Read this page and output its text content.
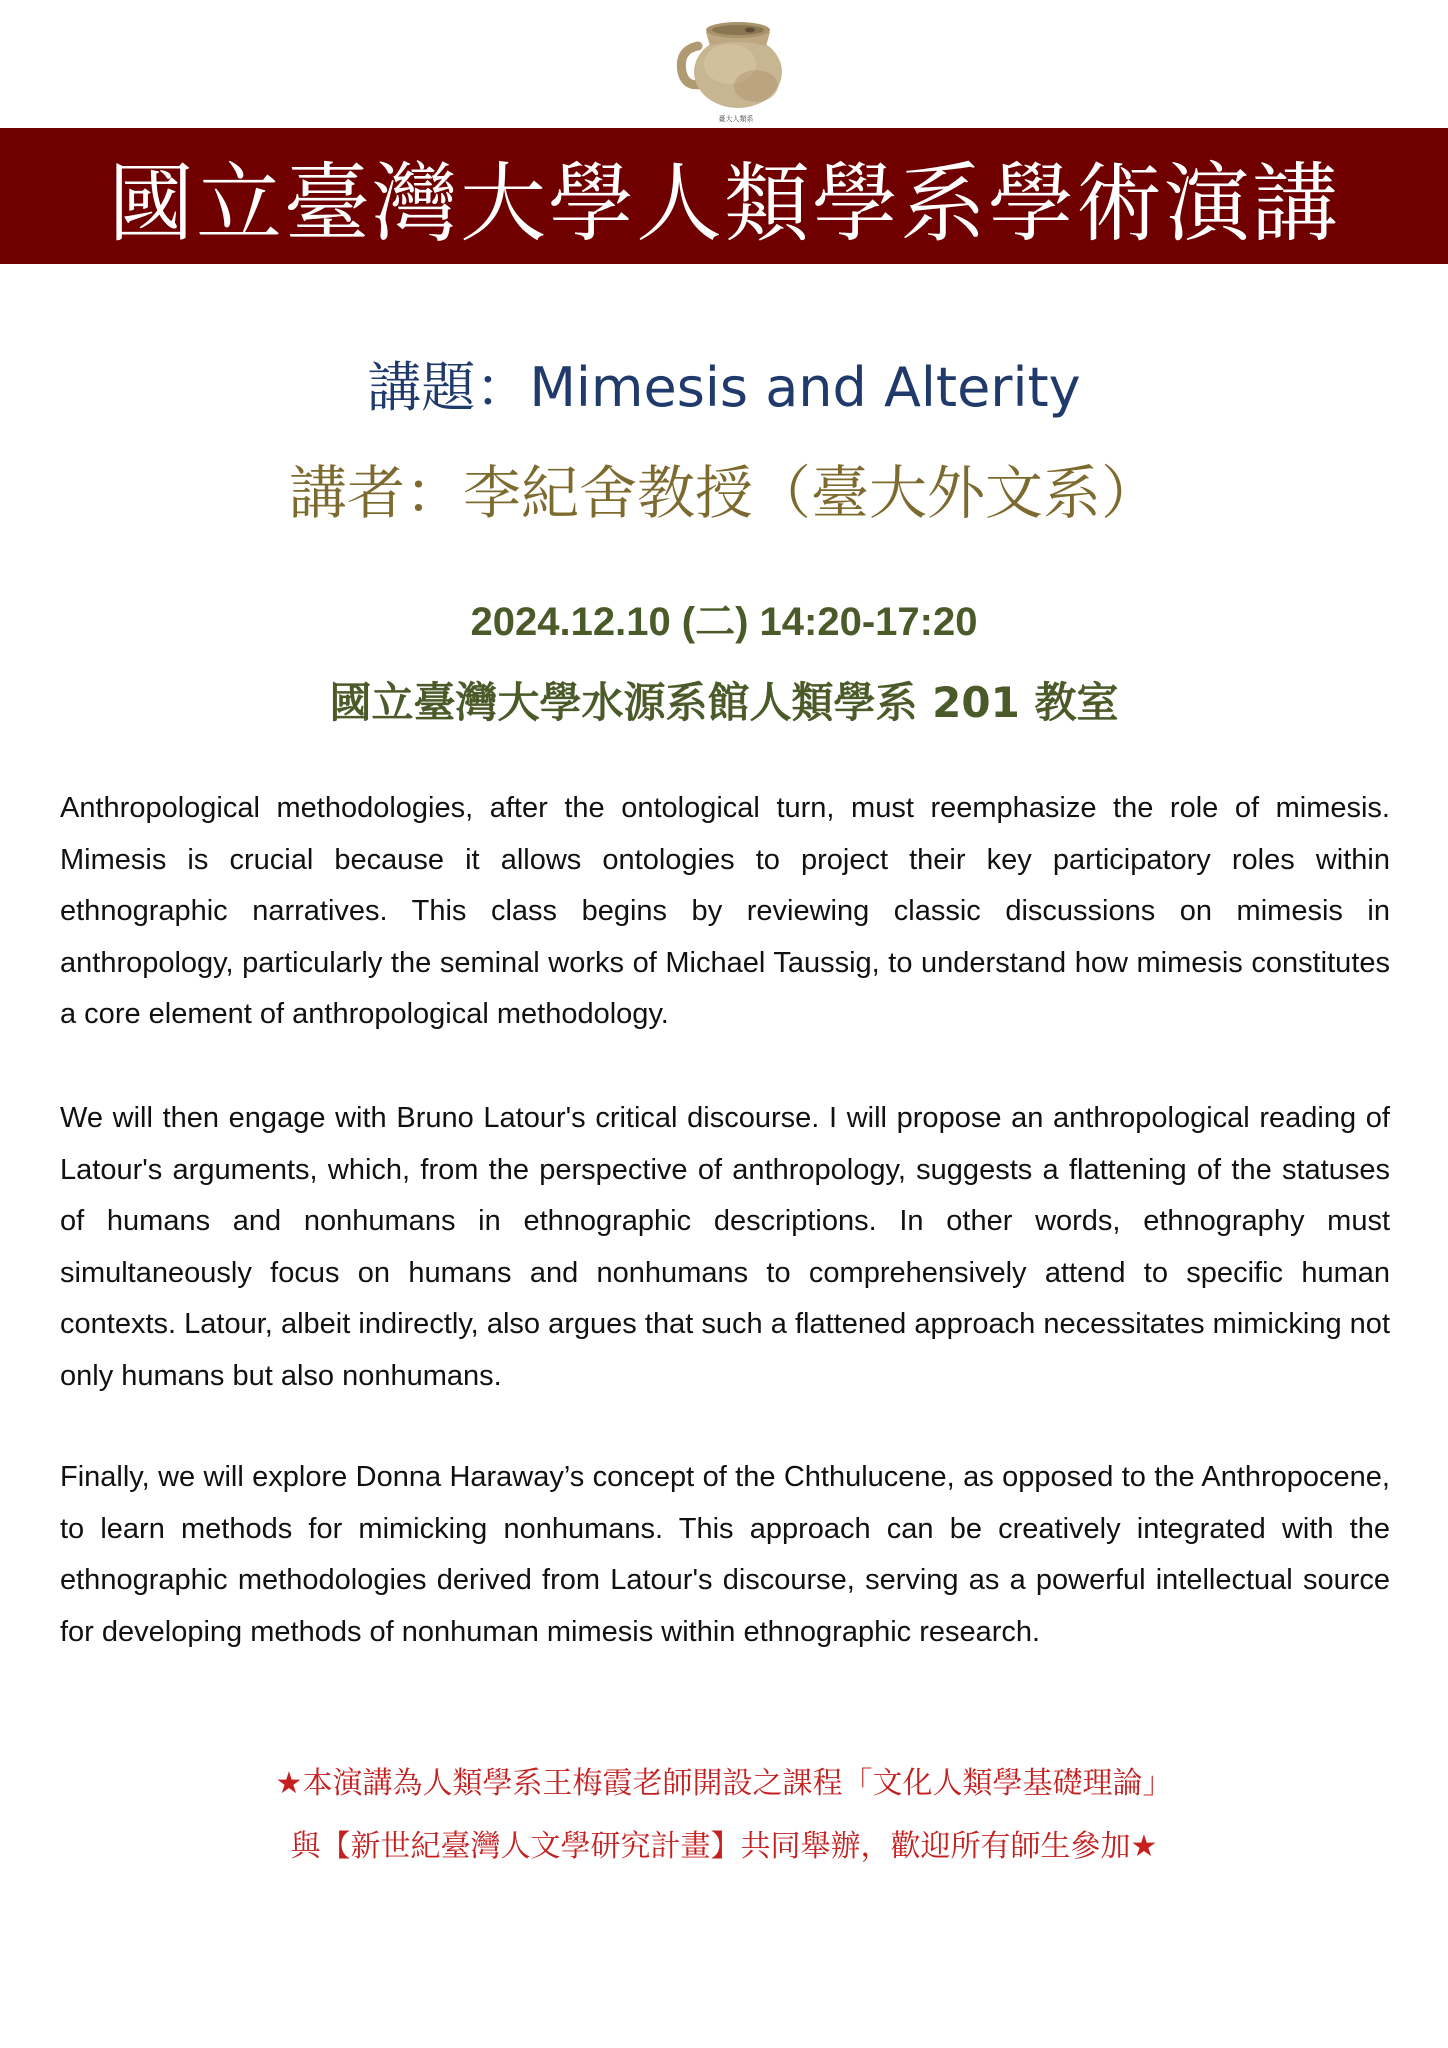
臺大人類系
國立臺灣大學人類學系學術演講
講題：Mimesis and Alterity
講者：李紀舍教授（臺大外文系）
2024.12.10 (二) 14:20-17:20
國立臺灣大學水源系館人類學系 201 教室

Anthropological methodologies, after the ontological turn, must reemphasize the role of mimesis. Mimesis is crucial because it allows ontologies to project their key participatory roles within ethnographic narratives. This class begins by reviewing classic discussions on mimesis in anthropology, particularly the seminal works of Michael Taussig, to understand how mimesis constitutes a core element of anthropological methodology.

We will then engage with Bruno Latour's critical discourse. I will propose an anthropological reading of Latour's arguments, which, from the perspective of anthropology, suggests a flattening of the statuses of humans and nonhumans in ethnographic descriptions. In other words, ethnography must simultaneously focus on humans and nonhumans to comprehensively attend to specific human contexts. Latour, albeit indirectly, also argues that such a flattened approach necessitates mimicking not only humans but also nonhumans.

Finally, we will explore Donna Haraway’s concept of the Chthulucene, as opposed to the Anthropocene, to learn methods for mimicking nonhumans. This approach can be creatively integrated with the ethnographic methodologies derived from Latour's discourse, serving as a powerful intellectual source for developing methods of nonhuman mimesis within ethnographic research.

★本演講為人類學系王梅霞老師開設之課程「文化人類學基礎理論」
與【新世紀臺灣人文學研究計畫】共同舉辦，歡迎所有師生參加★
